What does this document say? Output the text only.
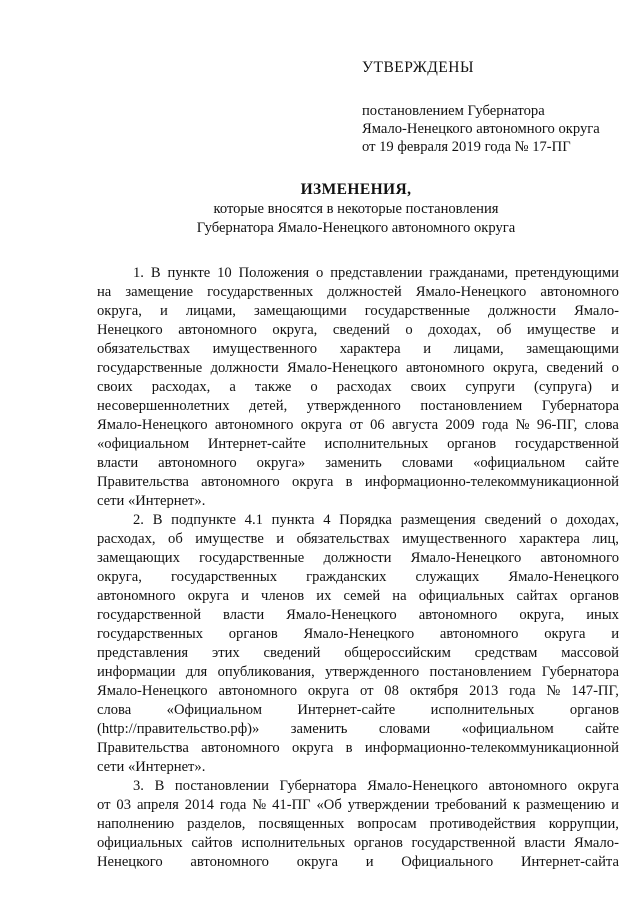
УТВЕРЖДЕНЫ
постановлением Губернатора
Ямало-Ненецкого автономного округа
от 19 февраля 2019 года № 17-ПГ
ИЗМЕНЕНИЯ,
которые вносятся в некоторые постановления
Губернатора Ямало-Ненецкого автономного округа
1. В пункте 10 Положения о представлении гражданами, претендующими
на замещение государственных должностей Ямало-Ненецкого автономного
округа, и лицами, замещающими государственные должности Ямало-
Ненецкого автономного округа, сведений о доходах, об имуществе и
обязательствах имущественного характера и лицами, замещающими
государственные должности Ямало-Ненецкого автономного округа, сведений о
своих расходах, а также о расходах своих супруги (супруга) и
несовершеннолетних детей, утвержденного постановлением Губернатора
Ямало-Ненецкого автономного округа от 06 августа 2009 года № 96-ПГ, слова
«официальном Интернет-сайте исполнительных органов государственной
власти автономного округа» заменить словами «официальном сайте
Правительства автономного округа в информационно-телекоммуникационной
сети «Интернет».
2. В подпункте 4.1 пункта 4 Порядка размещения сведений о доходах,
расходах, об имуществе и обязательствах имущественного характера лиц,
замещающих государственные должности Ямало-Ненецкого автономного
округа, государственных гражданских служащих Ямало-Ненецкого
автономного округа и членов их семей на официальных сайтах органов
государственной власти Ямало-Ненецкого автономного округа, иных
государственных органов Ямало-Ненецкого автономного округа и
представления этих сведений общероссийским средствам массовой
информации для опубликования, утвержденного постановлением Губернатора
Ямало-Ненецкого автономного округа от 08 октября 2013 года № 147-ПГ,
слова «Официальном Интернет-сайте исполнительных органов
(http://правительство.рф)» заменить словами «официальном сайте
Правительства автономного округа в информационно-телекоммуникационной
сети «Интернет».
3. В постановлении Губернатора Ямало-Ненецкого автономного округа
от 03 апреля 2014 года № 41-ПГ «Об утверждении требований к размещению и
наполнению разделов, посвященных вопросам противодействия коррупции,
официальных сайтов исполнительных органов государственной власти Ямало-
Ненецкого автономного округа и Официального Интернет-сайта
